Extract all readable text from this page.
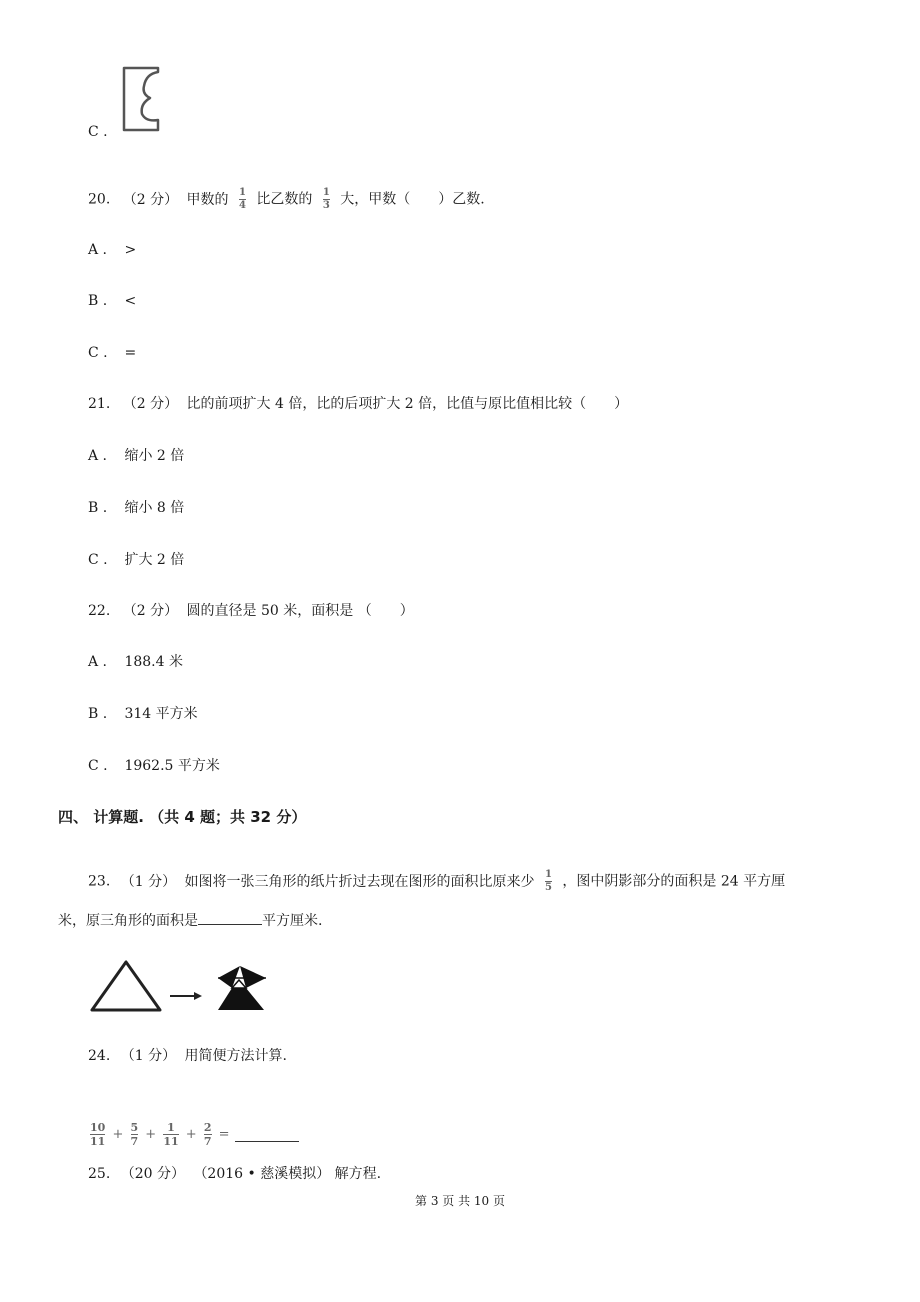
C .
20. （2 分） 甲数的 $\frac{1}{4}$ 比乙数的 $\frac{1}{3}$ 大，甲数（　　）乙数.
A . >
B . <
C . =
21. （2 分） 比的前项扩大 4 倍，比的后项扩大 2 倍，比值与原比值相比较（　　）
A . 缩小 2 倍
B . 缩小 8 倍
C . 扩大 2 倍
22. （2 分） 圆的直径是 50 米，面积是 （　　）
A . 188.4 米
B . 314 平方米
C . 1962.5 平方米
四、 计算题. （共 4 题；共 32 分）
23. （1 分） 如图将一张三角形的纸片折过去现在图形的面积比原来少 $\frac{1}{5}$ ，图中阴影部分的面积是 24 平方厘
米，原三角形的面积是	平方厘米.
24. （1 分） 用简便方法计算.
$\frac{10}{11} + \frac{5}{7} + \frac{1}{11} + \frac{2}{7}$ =
25. （20 分） （2016 • 慈溪模拟） 解方程.
第 3 页 共 10 页
